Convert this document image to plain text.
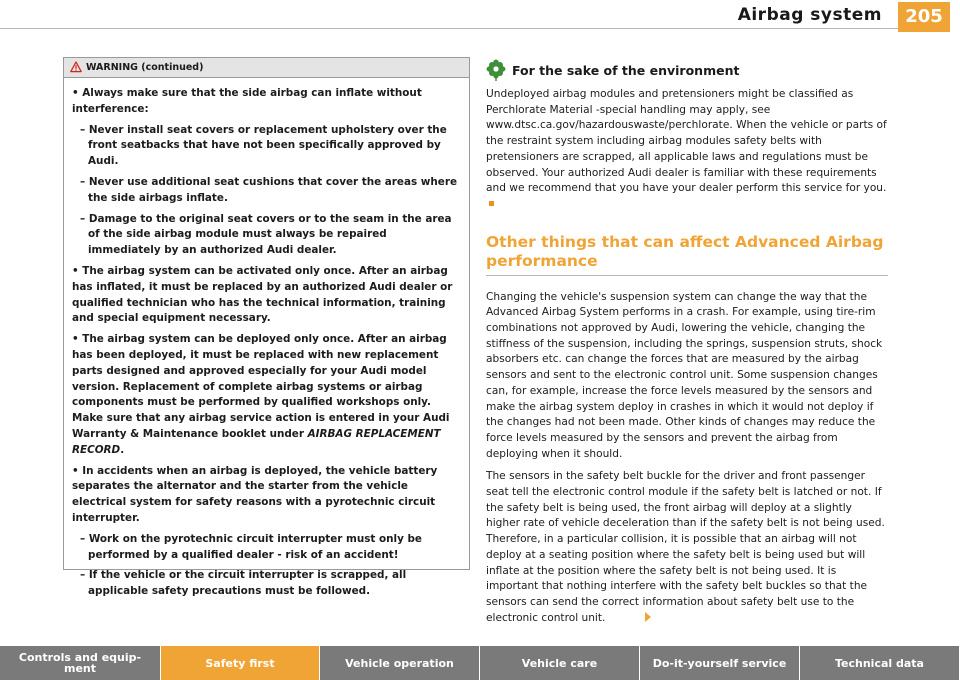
Airbag system	205
WARNING (continued)

• Always make sure that the side airbag can inflate without interference:

– Never install seat covers or replacement upholstery over the front seatbacks that have not been specifically approved by Audi.

– Never use additional seat cushions that cover the areas where the side airbags inflate.

– Damage to the original seat covers or to the seam in the area of the side airbag module must always be repaired immediately by an authorized Audi dealer.

• The airbag system can be activated only once. After an airbag has inflated, it must be replaced by an authorized Audi dealer or qualified technician who has the technical information, training and special equipment necessary.

• The airbag system can be deployed only once. After an airbag has been deployed, it must be replaced with new replacement parts designed and approved especially for your Audi model version. Replacement of complete airbag systems or airbag components must be performed by qualified workshops only. Make sure that any airbag service action is entered in your Audi Warranty & Maintenance booklet under AIRBAG REPLACEMENT RECORD.

• In accidents when an airbag is deployed, the vehicle battery separates the alternator and the starter from the vehicle electrical system for safety reasons with a pyrotechnic circuit interrupter.

– Work on the pyrotechnic circuit interrupter must only be performed by a qualified dealer - risk of an accident!

– If the vehicle or the circuit interrupter is scrapped, all applicable safety precautions must be followed.

For the sake of the environment

Undeployed airbag modules and pretensioners might be classified as Perchlorate Material -special handling may apply, see www.dtsc.ca.gov/hazardouswaste/perchlorate. When the vehicle or parts of the restraint system including airbag modules safety belts with pretensioners are scrapped, all applicable laws and regulations must be observed. Your authorized Audi dealer is familiar with these requirements and we recommend that you have your dealer perform this service for you.

Other things that can affect Advanced Airbag performance

Changing the vehicle's suspension system can change the way that the Advanced Airbag System performs in a crash. For example, using tire-rim combinations not approved by Audi, lowering the vehicle, changing the stiffness of the suspension, including the springs, suspension struts, shock absorbers etc. can change the forces that are measured by the airbag sensors and sent to the electronic control unit. Some suspension changes can, for example, increase the force levels measured by the sensors and make the airbag system deploy in crashes in which it would not deploy if the changes had not been made. Other kinds of changes may reduce the force levels measured by the sensors and prevent the airbag from deploying when it should.

The sensors in the safety belt buckle for the driver and front passenger seat tell the electronic control module if the safety belt is latched or not. If the safety belt is being used, the front airbag will deploy at a slightly higher rate of vehicle deceleration than if the safety belt is not being used. Therefore, in a particular collision, it is possible that an airbag will not deploy at a seating position where the safety belt is being used but will inflate at the position where the safety belt is not being used. It is important that nothing interfere with the safety belt buckles so that the sensors can send the correct information about safety belt use to the electronic control unit.

Controls and equip-
ment	Safety first	Vehicle operation	Vehicle care	Do-it-yourself service	Technical data
